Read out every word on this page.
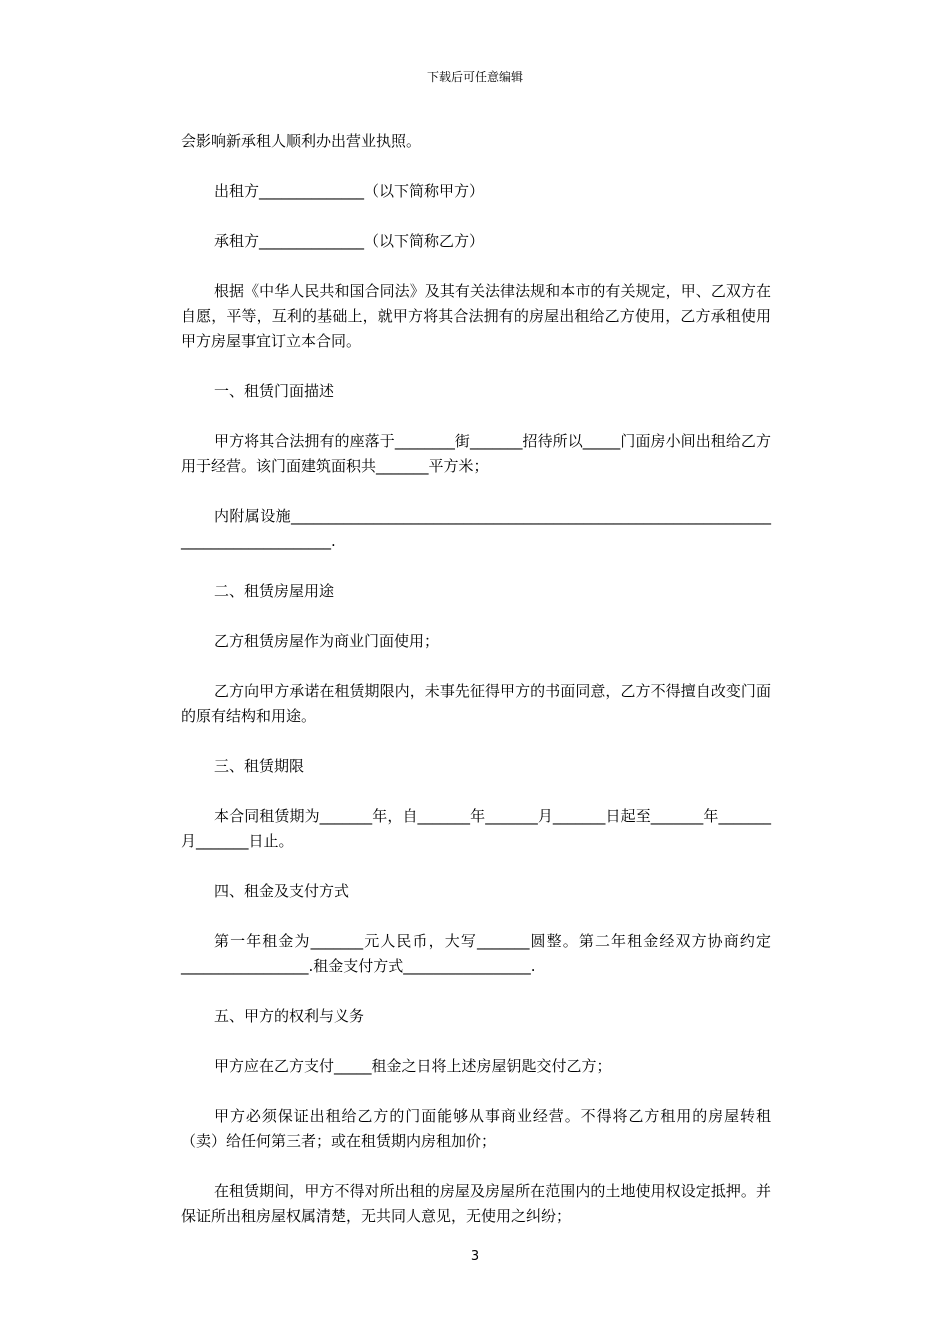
下载后可任意编辑

会影响新承租人顺利办出营业执照。

出租方______________（以下简称甲方）

承租方______________（以下简称乙方）

根据《中华人民共和国合同法》及其有关法律法规和本市的有关规定，甲、乙双方在自愿，平等，互利的基础上，就甲方将其合法拥有的房屋出租给乙方使用，乙方承租使用甲方房屋事宜订立本合同。

一、租赁门面描述

甲方将其合法拥有的座落于________街_______招待所以_____门面房小间出租给乙方用于经营。该门面建筑面积共_______平方米；

内附属设施____________________________________________________________________________________.

二、租赁房屋用途

乙方租赁房屋作为商业门面使用；

乙方向甲方承诺在租赁期限内，未事先征得甲方的书面同意，乙方不得擅自改变门面的原有结构和用途。

三、租赁期限

本合同租赁期为_______年，自_______年_______月_______日起至_______年_______月_______日止。

四、租金及支付方式

第一年租金为_______元人民币，大写_______圆整。第二年租金经双方协商约定_________________.租金支付方式_________________.

五、甲方的权利与义务

甲方应在乙方支付_____租金之日将上述房屋钥匙交付乙方；

甲方必须保证出租给乙方的门面能够从事商业经营。不得将乙方租用的房屋转租（卖）给任何第三者；或在租赁期内房租加价；

在租赁期间，甲方不得对所出租的房屋及房屋所在范围内的土地使用权设定抵押。并保证所出租房屋权属清楚，无共同人意见，无使用之纠纷；

3
